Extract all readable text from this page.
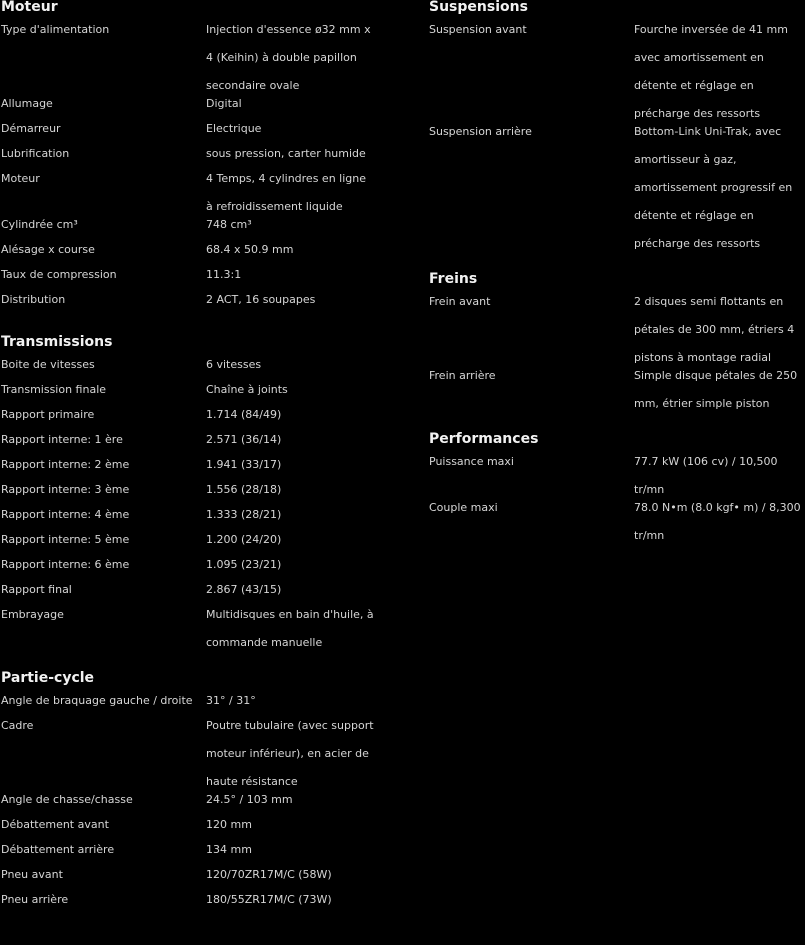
Moteur
Type d'alimentation	Injection d'essence ø32 mm x 4 (Keihin) à double papillon secondaire ovale
Allumage	Digital
Démarreur	Electrique
Lubrification	sous pression, carter humide
Moteur	4 Temps, 4 cylindres en ligne à refroidissement liquide
Cylindrée cm³	748 cm³
Alésage x course	68.4 x 50.9 mm
Taux de compression	11.3:1
Distribution	2 ACT, 16 soupapes
Transmissions
Boite de vitesses	6 vitesses
Transmission finale	Chaîne à joints
Rapport primaire	1.714 (84/49)
Rapport interne: 1 ère	2.571 (36/14)
Rapport interne: 2 ème	1.941 (33/17)
Rapport interne: 3 ème	1.556 (28/18)
Rapport interne: 4 ème	1.333 (28/21)
Rapport interne: 5 ème	1.200 (24/20)
Rapport interne: 6 ème	1.095 (23/21)
Rapport final	2.867 (43/15)
Embrayage	Multidisques en bain d'huile, à commande manuelle
Partie-cycle
Angle de braquage gauche / droite	31° / 31°
Cadre	Poutre tubulaire (avec support moteur inférieur), en acier de haute résistance
Angle de chasse/chasse	24.5° / 103 mm
Débattement avant	120 mm
Débattement arrière	134 mm
Pneu avant	120/70ZR17M/C (58W)
Pneu arrière	180/55ZR17M/C (73W)
Suspensions
Suspension avant	Fourche inversée de 41 mm avec amortissement en détente et réglage en précharge des ressorts
Suspension arrière	Bottom-Link Uni-Trak, avec amortisseur à gaz, amortissement progressif en détente et réglage en précharge des ressorts
Freins
Frein avant	2 disques semi flottants en pétales de 300 mm, étriers 4 pistons à montage radial
Frein arrière	Simple disque pétales de 250 mm, étrier simple piston
Performances
Puissance maxi	77.7 kW (106 cv) / 10,500 tr/mn
Couple maxi	78.0 N•m (8.0 kgf• m) / 8,300 tr/mn
